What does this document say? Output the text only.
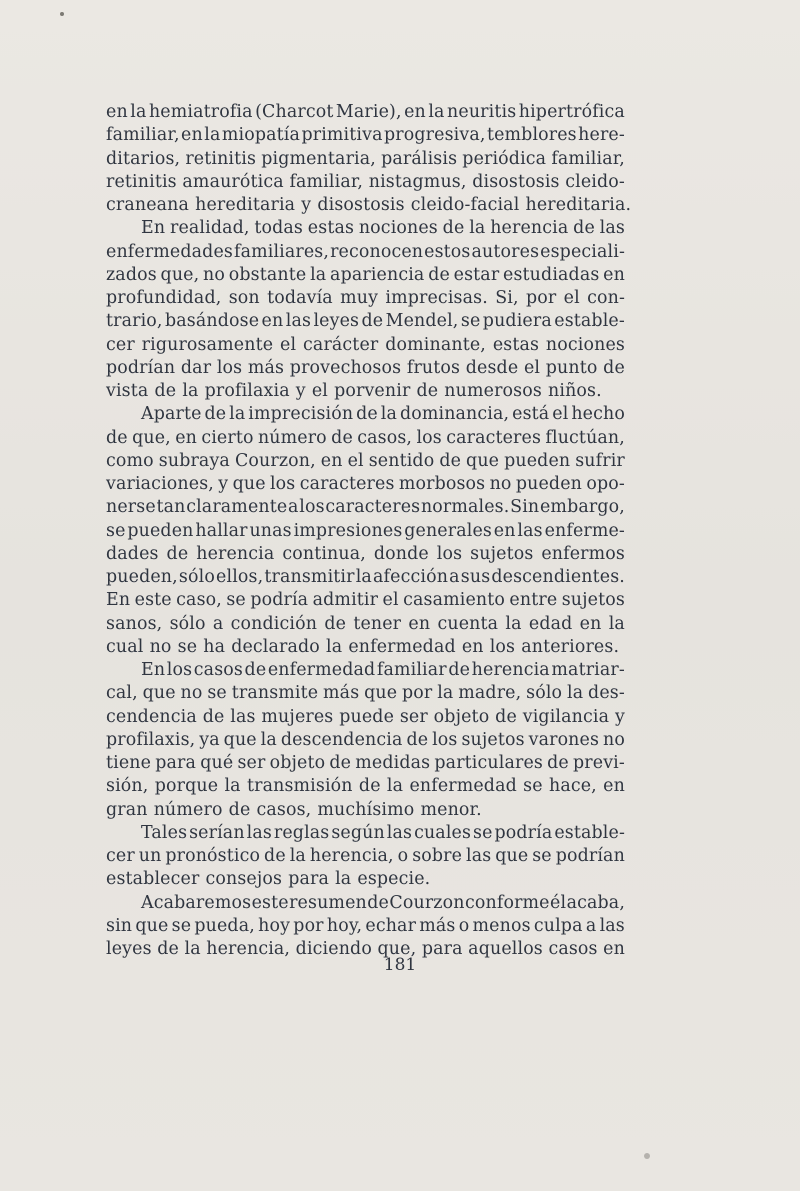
en la hemiatrofia (Charcot Marie), en la neuritis hipertrófica
familiar, en la miopatía primitiva progresiva, temblores here-
ditarios, retinitis pigmentaria, parálisis periódica familiar,
retinitis amaurótica familiar, nistagmus, disostosis cleido-
craneana hereditaria y disostosis cleido-facial hereditaria.
En realidad, todas estas nociones de la herencia de las
enfermedades familiares, reconocen estos autores especiali-
zados que, no obstante la apariencia de estar estudiadas en
profundidad, son todavía muy imprecisas. Si, por el con-
trario, basándose en las leyes de Mendel, se pudiera estable-
cer rigurosamente el carácter dominante, estas nociones
podrían dar los más provechosos frutos desde el punto de
vista de la profilaxia y el porvenir de numerosos niños.
Aparte de la imprecisión de la dominancia, está el hecho
de que, en cierto número de casos, los caracteres fluctúan,
como subraya Courzon, en el sentido de que pueden sufrir
variaciones, y que los caracteres morbosos no pueden opo-
nerse tan claramente a los caracteres normales. Sin embargo,
se pueden hallar unas impresiones generales en las enferme-
dades de herencia continua, donde los sujetos enfermos
pueden, sólo ellos, transmitir la afección a sus descendientes.
En este caso, se podría admitir el casamiento entre sujetos
sanos, sólo a condición de tener en cuenta la edad en la
cual no se ha declarado la enfermedad en los anteriores.
En los casos de enfermedad familiar de herencia matriar-
cal, que no se transmite más que por la madre, sólo la des-
cendencia de las mujeres puede ser objeto de vigilancia y
profilaxis, ya que la descendencia de los sujetos varones no
tiene para qué ser objeto de medidas particulares de previ-
sión, porque la transmisión de la enfermedad se hace, en
gran número de casos, muchísimo menor.
Tales serían las reglas según las cuales se podría estable-
cer un pronóstico de la herencia, o sobre las que se podrían
establecer consejos para la especie.
Acabaremos este resumen de Courzon conforme él acaba,
sin que se pueda, hoy por hoy, echar más o menos culpa a las
leyes de la herencia, diciendo que, para aquellos casos en
181
